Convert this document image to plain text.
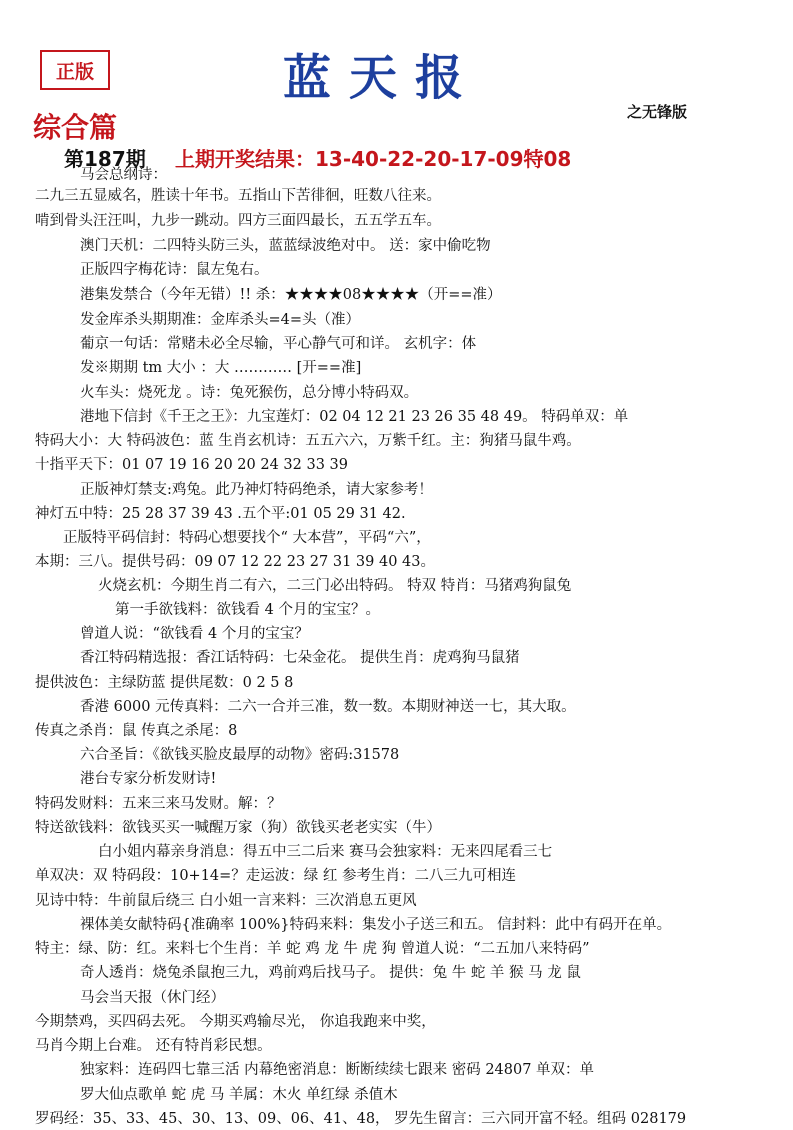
正版	蓝天报
之无锋版
综合篇
第187期 上期开奖结果：13-40-22-20-17-09特08
马会总纲诗：
二九三五显威名，胜读十年书。五指山下苦徘徊，旺数八往来。
啃到骨头汪汪叫，九步一跳动。四方三面四最长，五五学五车。
澳门天机：二四特头防三头，蓝蓝绿波绝对中。 送：家中偷吃物
正版四字梅花诗：鼠左兔右。
港集发禁合（今年无错）!! 杀：★★★★08★★★★（开==准）
发金库杀头期期准：金库杀头=4=头（准）
葡京一句话：常赌未必全尽输，平心静气可和详。 玄机字：体
发※期期 tm 大小 ：大 ………… [开==准]
火车头：烧死龙 。诗：兔死猴伤，总分博小特码双。
港地下信封《千王之王》：九宝莲灯：02 04 12 21 23 26 35 48 49。 特码单双：单
特码大小：大 特码波色：蓝 生肖玄机诗：五五六六，万紫千红。主：狗猪马鼠牛鸡。
十指平天下：01 07 19 16 20 20 24 32 33 39
正版神灯禁支:鸡兔。此乃神灯特码绝杀，请大家参考！
神灯五中特：25 28 37 39 43 .五个平:01 05 29 31 42.
正版特平码信封：特码心想要找个“ 大本营”，平码“六”，
本期：三八。提供号码：09 07 12 22 23 27 31 39 40 43。
火烧玄机：今期生肖二有六，二三门必出特码。 特双 特肖：马猪鸡狗鼠兔
第一手欲钱料：欲钱看 4 个月的宝宝？。
曾道人说：“欲钱看 4 个月的宝宝？
香江特码精选报：香江话特码：七朵金花。 提供生肖：虎鸡狗马鼠猪
提供波色：主绿防蓝 提供尾数：0 2 5 8
香港 6000 元传真料：二六一合并三准，数一数。本期财神送一七，其大取。
传真之杀肖：鼠 传真之杀尾：8
六合圣旨：《欲钱买脸皮最厚的动物》密码:31578
港台专家分析发财诗!
特码发财料：五来三来马发财。解：？
特送欲钱料：欲钱买买一喊醒万家（狗）欲钱买老老实实（牛）
白小姐内幕亲身消息：得五中三二后来 赛马会独家料：无来四尾看三七
单双决：双 特码段：10+14=？走运波：绿 红 参考生肖：二八三九可相连
见诗中特：牛前鼠后绕三 白小姐一言来料：三次消息五更风
裸体美女献特码{准确率 100%}特码来料：集发小子送三和五。 信封料：此中有码开在单。
特主：绿、防：红。来料七个生肖：羊 蛇 鸡 龙 牛 虎 狗 曾道人说：“二五加八来特码”
奇人透肖：烧兔杀鼠抱三九，鸡前鸡后找马子。 提供：兔 牛 蛇 羊 猴 马 龙 鼠
马会当天报（休门经）
今期禁鸡，买四码去死。 今期买鸡输尽光， 你追我跑来中奖，
马肖今期上台难。 还有特肖彩民想。
独家料：连码四七靠三活 内幕绝密消息：断断续续七跟来 密码 24807 单双：单
罗大仙点歌单 蛇 虎 马 羊属：木火 单红绿 杀值木
罗码经：35、33、45、30、13、09、06、41、48， 罗先生留言：三六同开富不轻。组码 028179
